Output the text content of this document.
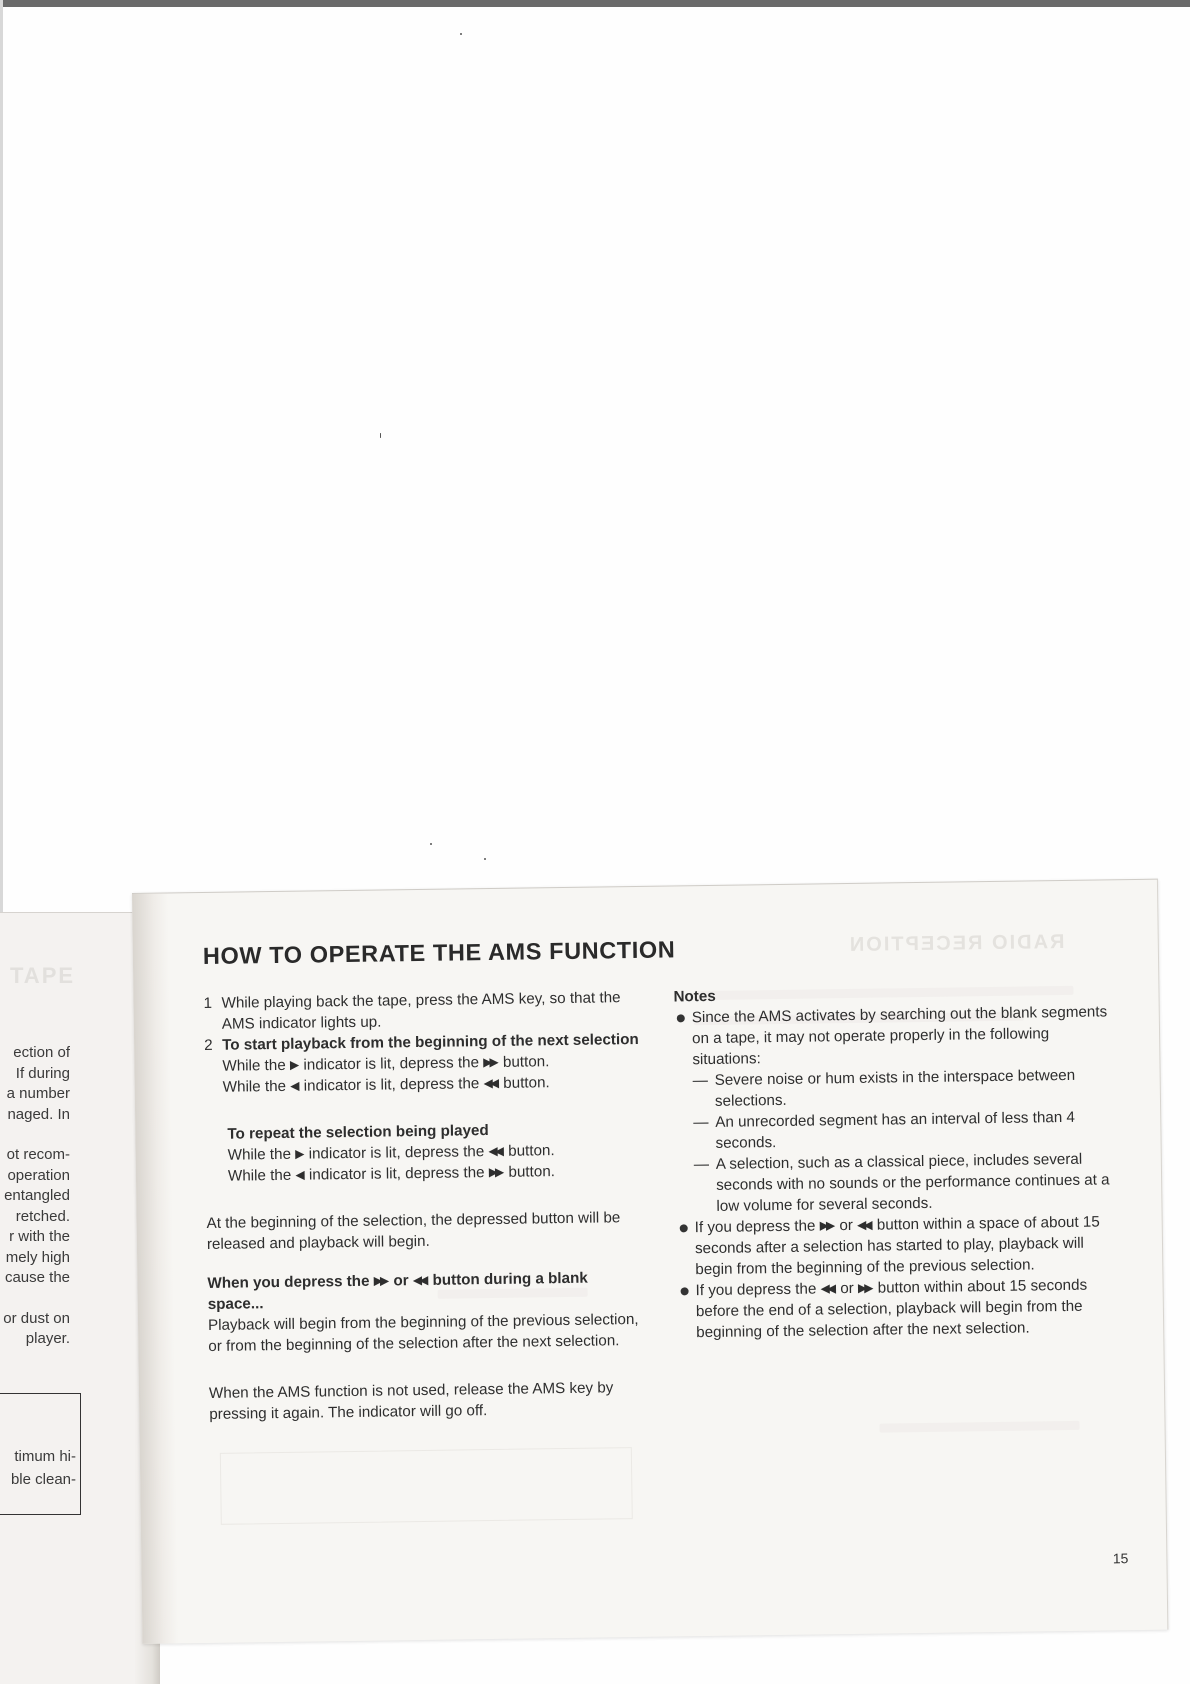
TAPE
ection of
If during
a number
naged. In
ot recom-
operation
entangled
retched.
r with the
mely high
cause the
or dust on
player.
timum hi-
ble clean-
RADIO RECEPTION
HOW TO OPERATE THE AMS FUNCTION
1 While playing back the tape, press the AMS key, so that the AMS indicator lights up.
2 To start playback from the beginning of the next selection
While the ▶ indicator is lit, depress the ▶▶ button.
While the ◀ indicator is lit, depress the ◀◀ button.
To repeat the selection being played
While the ▶ indicator is lit, depress the ◀◀ button.
While the ◀ indicator is lit, depress the ▶▶ button.
At the beginning of the selection, the depressed button will be released and playback will begin.
When you depress the ▶▶ or ◀◀ button during a blank space...
Playback will begin from the beginning of the previous selection, or from the beginning of the selection after the next selection.
When the AMS function is not used, release the AMS key by pressing it again. The indicator will go off.
Notes
Since the AMS activates by searching out the blank segments on a tape, it may not operate properly in the following situations:
— Severe noise or hum exists in the interspace between selections.
— An unrecorded segment has an interval of less than 4 seconds.
— A selection, such as a classical piece, includes several seconds with no sounds or the performance continues at a low volume for several seconds.
If you depress the ▶▶ or ◀◀ button within a space of about 15 seconds after a selection has started to play, playback will begin from the beginning of the previous selection.
If you depress the ◀◀ or ▶▶ button within about 15 seconds before the end of a selection, playback will begin from the beginning of the selection after the next selection.
15
